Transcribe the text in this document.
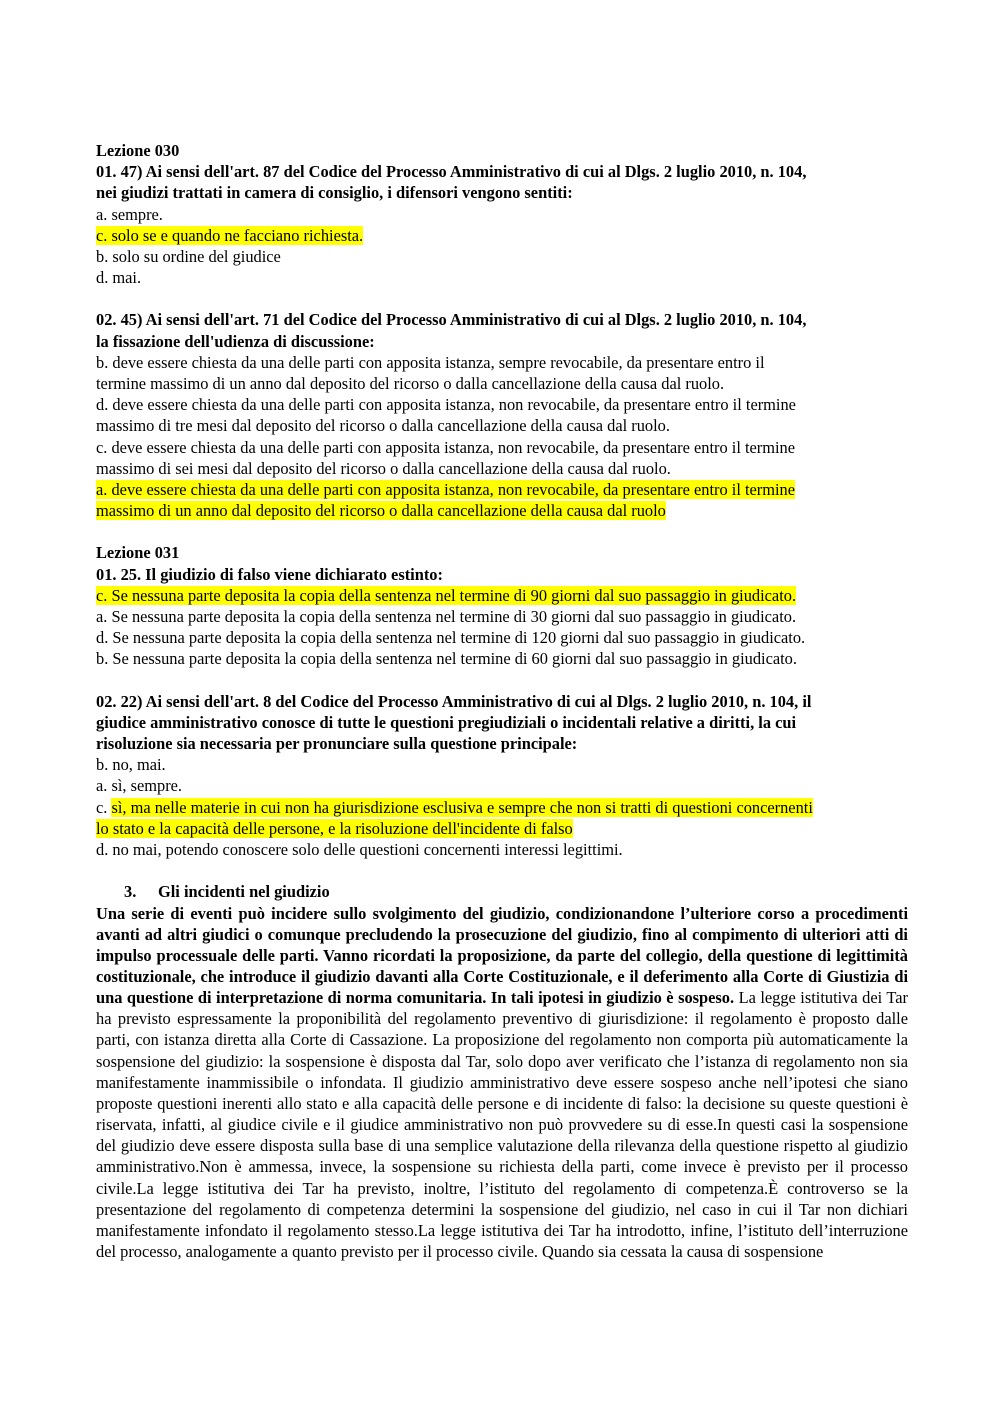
Lezione 030
01. 47) Ai sensi dell'art. 87 del Codice del Processo Amministrativo di cui al Dlgs. 2 luglio 2010, n. 104,
nei giudizi trattati in camera di consiglio, i difensori vengono sentiti:
a. sempre.
c. solo se e quando ne facciano richiesta.
b. solo su ordine del giudice
d. mai.
02. 45) Ai sensi dell'art. 71 del Codice del Processo Amministrativo di cui al Dlgs. 2 luglio 2010, n. 104,
la fissazione dell'udienza di discussione:
b. deve essere chiesta da una delle parti con apposita istanza, sempre revocabile, da presentare entro il
termine massimo di un anno dal deposito del ricorso o dalla cancellazione della causa dal ruolo.
d. deve essere chiesta da una delle parti con apposita istanza, non revocabile, da presentare entro il termine
massimo di tre mesi dal deposito del ricorso o dalla cancellazione della causa dal ruolo.
c. deve essere chiesta da una delle parti con apposita istanza, non revocabile, da presentare entro il termine
massimo di sei mesi dal deposito del ricorso o dalla cancellazione della causa dal ruolo.
a. deve essere chiesta da una delle parti con apposita istanza, non revocabile, da presentare entro il termine
massimo di un anno dal deposito del ricorso o dalla cancellazione della causa dal ruolo
Lezione 031
01. 25. Il giudizio di falso viene dichiarato estinto:
c. Se nessuna parte deposita la copia della sentenza nel termine di 90 giorni dal suo passaggio in giudicato.
a. Se nessuna parte deposita la copia della sentenza nel termine di 30 giorni dal suo passaggio in giudicato.
d. Se nessuna parte deposita la copia della sentenza nel termine di 120 giorni dal suo passaggio in giudicato.
b. Se nessuna parte deposita la copia della sentenza nel termine di 60 giorni dal suo passaggio in giudicato.
02. 22) Ai sensi dell'art. 8 del Codice del Processo Amministrativo di cui al Dlgs. 2 luglio 2010, n. 104, il
giudice amministrativo conosce di tutte le questioni pregiudiziali o incidentali relative a diritti, la cui
risoluzione sia necessaria per pronunciare sulla questione principale:
b. no, mai.
a. sì, sempre.
c. sì, ma nelle materie in cui non ha giurisdizione esclusiva e sempre che non si tratti di questioni concernenti
lo stato e la capacità delle persone, e la risoluzione dell'incidente di falso
d. no mai, potendo conoscere solo delle questioni concernenti interessi legittimi.
3. Gli incidenti nel giudizio

Una serie di eventi può incidere sullo svolgimento del giudizio, condizionandone l’ulteriore corso a procedimenti avanti ad altri giudici o comunque precludendo la prosecuzione del giudizio, fino al compimento di ulteriori atti di impulso processuale delle parti. Vanno ricordati la proposizione, da parte del collegio, della questione di legittimità costituzionale, che introduce il giudizio davanti alla Corte Costituzionale, e il deferimento alla Corte di Giustizia di una questione di interpretazione di norma comunitaria. In tali ipotesi in giudizio è sospeso. La legge istitutiva dei Tar ha previsto espressamente la proponibilità del regolamento preventivo di giurisdizione: il regolamento è proposto dalle parti, con istanza diretta alla Corte di Cassazione. La proposizione del regolamento non comporta più automaticamente la sospensione del giudizio: la sospensione è disposta dal Tar, solo dopo aver verificato che l’istanza di regolamento non sia manifestamente inammissibile o infondata. Il giudizio amministrativo deve essere sospeso anche nell’ipotesi che siano proposte questioni inerenti allo stato e alla capacità delle persone e di incidente di falso: la decisione su queste questioni è riservata, infatti, al giudice civile e il giudice amministrativo non può provvedere su di esse.In questi casi la sospensione del giudizio deve essere disposta sulla base di una semplice valutazione della rilevanza della questione rispetto al giudizio amministrativo.Non è ammessa, invece, la sospensione su richiesta della parti, come invece è previsto per il processo civile.La legge istitutiva dei Tar ha previsto, inoltre, l’istituto del regolamento di competenza.È controverso se la presentazione del regolamento di competenza determini la sospensione del giudizio, nel caso in cui il Tar non dichiari manifestamente infondato il regolamento stesso.La legge istitutiva dei Tar ha introdotto, infine, l’istituto dell’interruzione del processo, analogamente a quanto previsto per il processo civile. Quando sia cessata la causa di sospensione
